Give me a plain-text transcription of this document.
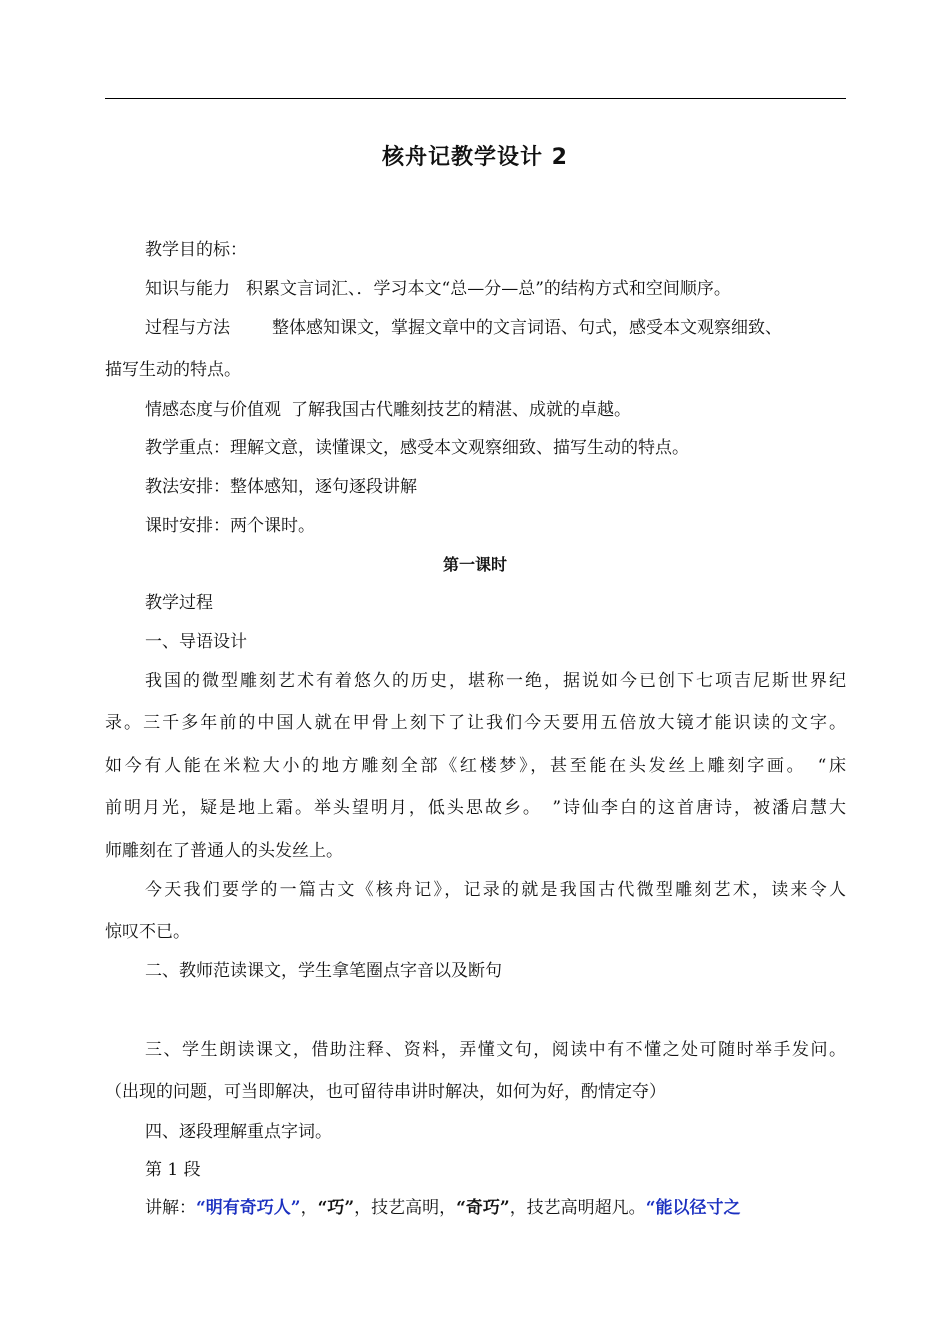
核舟记教学设计 2
教学目的标：
知识与能力 积累文言词汇、．学习本文“总—分—总”的结构方式和空间顺序。
过程与方法 整体感知课文，掌握文章中的文言词语、句式，感受本文观察细致、
描写生动的特点。
情感态度与价值观 了解我国古代雕刻技艺的精湛、成就的卓越。
教学重点：理解文意，读懂课文，感受本文观察细致、描写生动的特点。
教法安排：整体感知，逐句逐段讲解
课时安排：两个课时。
第一课时
教学过程
一、导语设计
我国的微型雕刻艺术有着悠久的历史，堪称一绝，据说如今已创下七项吉尼斯世界纪
录。三千多年前的中国人就在甲骨上刻下了让我们今天要用五倍放大镜才能识读的文字。
如今有人能在米粒大小的地方雕刻全部《红楼梦》，甚至能在头发丝上雕刻字画。　“床
前明月光，疑是地上霜。举头望明月，低头思故乡。　”诗仙李白的这首唐诗，被潘启慧大
师雕刻在了普通人的头发丝上。
今天我们要学的一篇古文《核舟记》，记录的就是我国古代微型雕刻艺术，读来令人
惊叹不已。
二、教师范读课文，学生拿笔圈点字音以及断句
三、学生朗读课文，借助注释、资料，弄懂文句，阅读中有不懂之处可随时举手发问。
（出现的问题，可当即解决，也可留待串讲时解决，如何为好，酌情定夺）
四、逐段理解重点字词。
第 1 段
讲解：“明有奇巧人”，“巧”，技艺高明，“奇巧”，技艺高明超凡。“能以径寸之
